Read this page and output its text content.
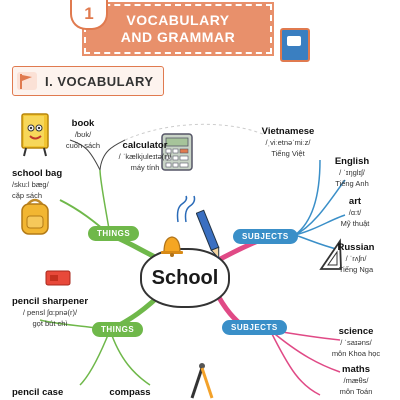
1	VOCABULARY
AND GRAMMAR
I. VOCABULARY
THINGS
THINGS
SUBJECTS
SUBJECTS
School
book
/bʊk/
cuốn sách	calculator
/ ˈkælkjuleɪtə(r)/
máy tính
school bag
/sku:l bæg/
cặp sách
pencil sharpener
/ pensl ʃɑ:pnə(r)/
gọt bút chì
pencil case	compass
Vietnamese
/ˌviːetnəˈmiːz/
Tiếng Việt
English
/ ˈɪŋglɪʃ/
Tiếng Anh
art
/ɑ:t/
Mỹ thuật
Russian
/ ˈrʌʃn/
Tiếng Nga
science
/ ˈsaɪəns/
môn Khoa học
maths
/mæθs/
môn Toán
